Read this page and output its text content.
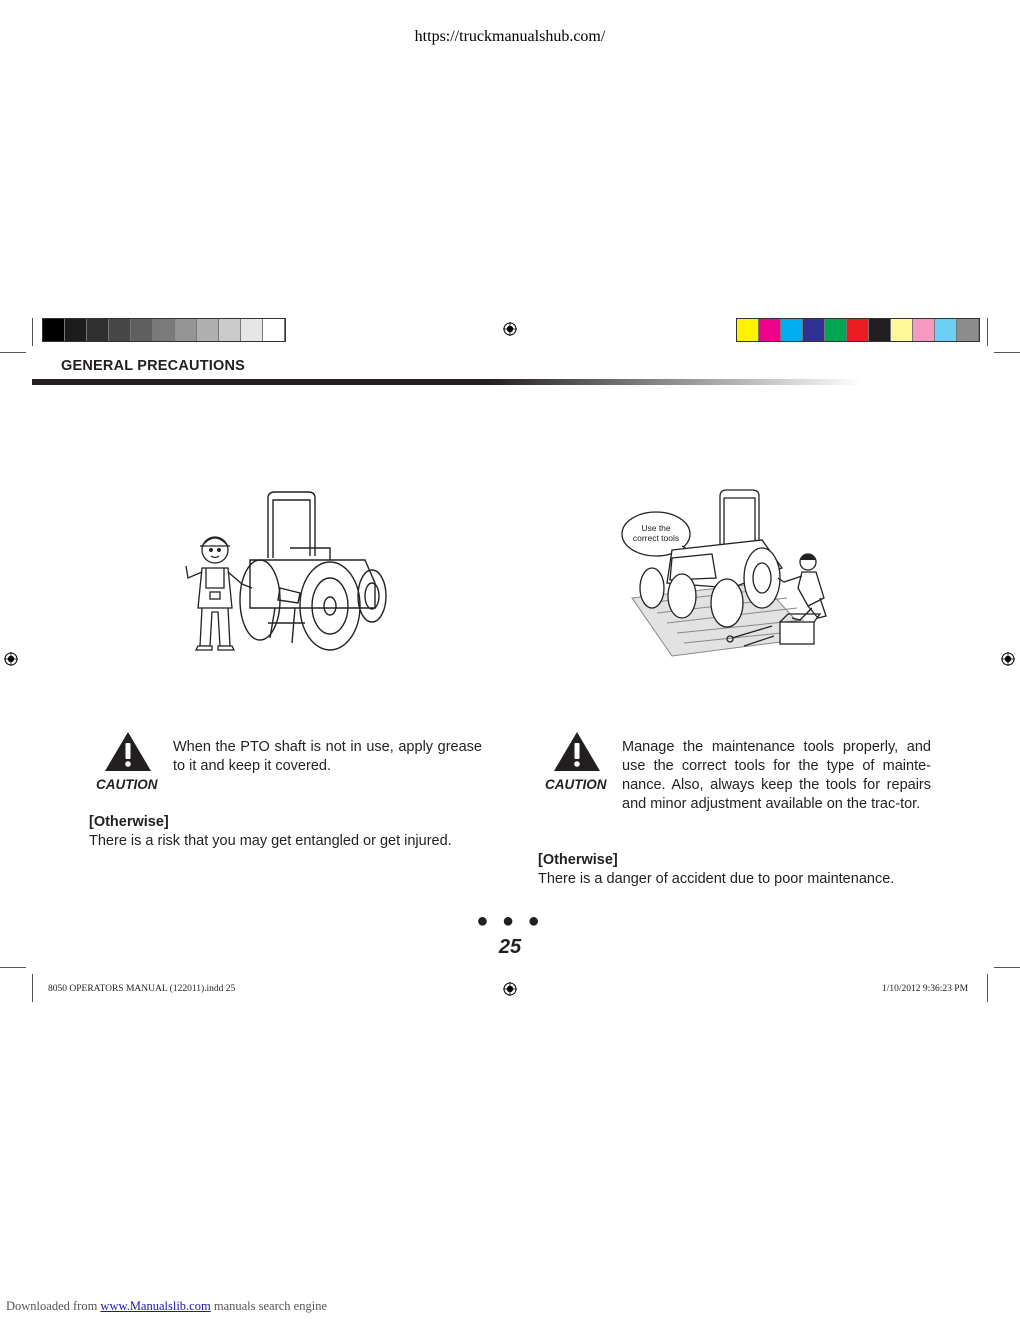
https://truckmanualshub.com/
GENERAL PRECAUTIONS
Use the
correct tools
CAUTION
When the PTO shaft is not in use, apply grease to it and keep it covered.
[Otherwise]
There is a risk that you may get entangled or get injured.
CAUTION
Manage the maintenance tools properly, and use the correct tools for the type of mainte-nance. Also, always keep the tools for repairs and minor adjustment available on the trac-tor.
[Otherwise]
There is a danger of accident due to poor maintenance.
● ● ●
25
8050 OPERATORS MANUAL (122011).indd 25	1/10/2012 9:36:23 PM
Downloaded from www.Manualslib.com manuals search engine
